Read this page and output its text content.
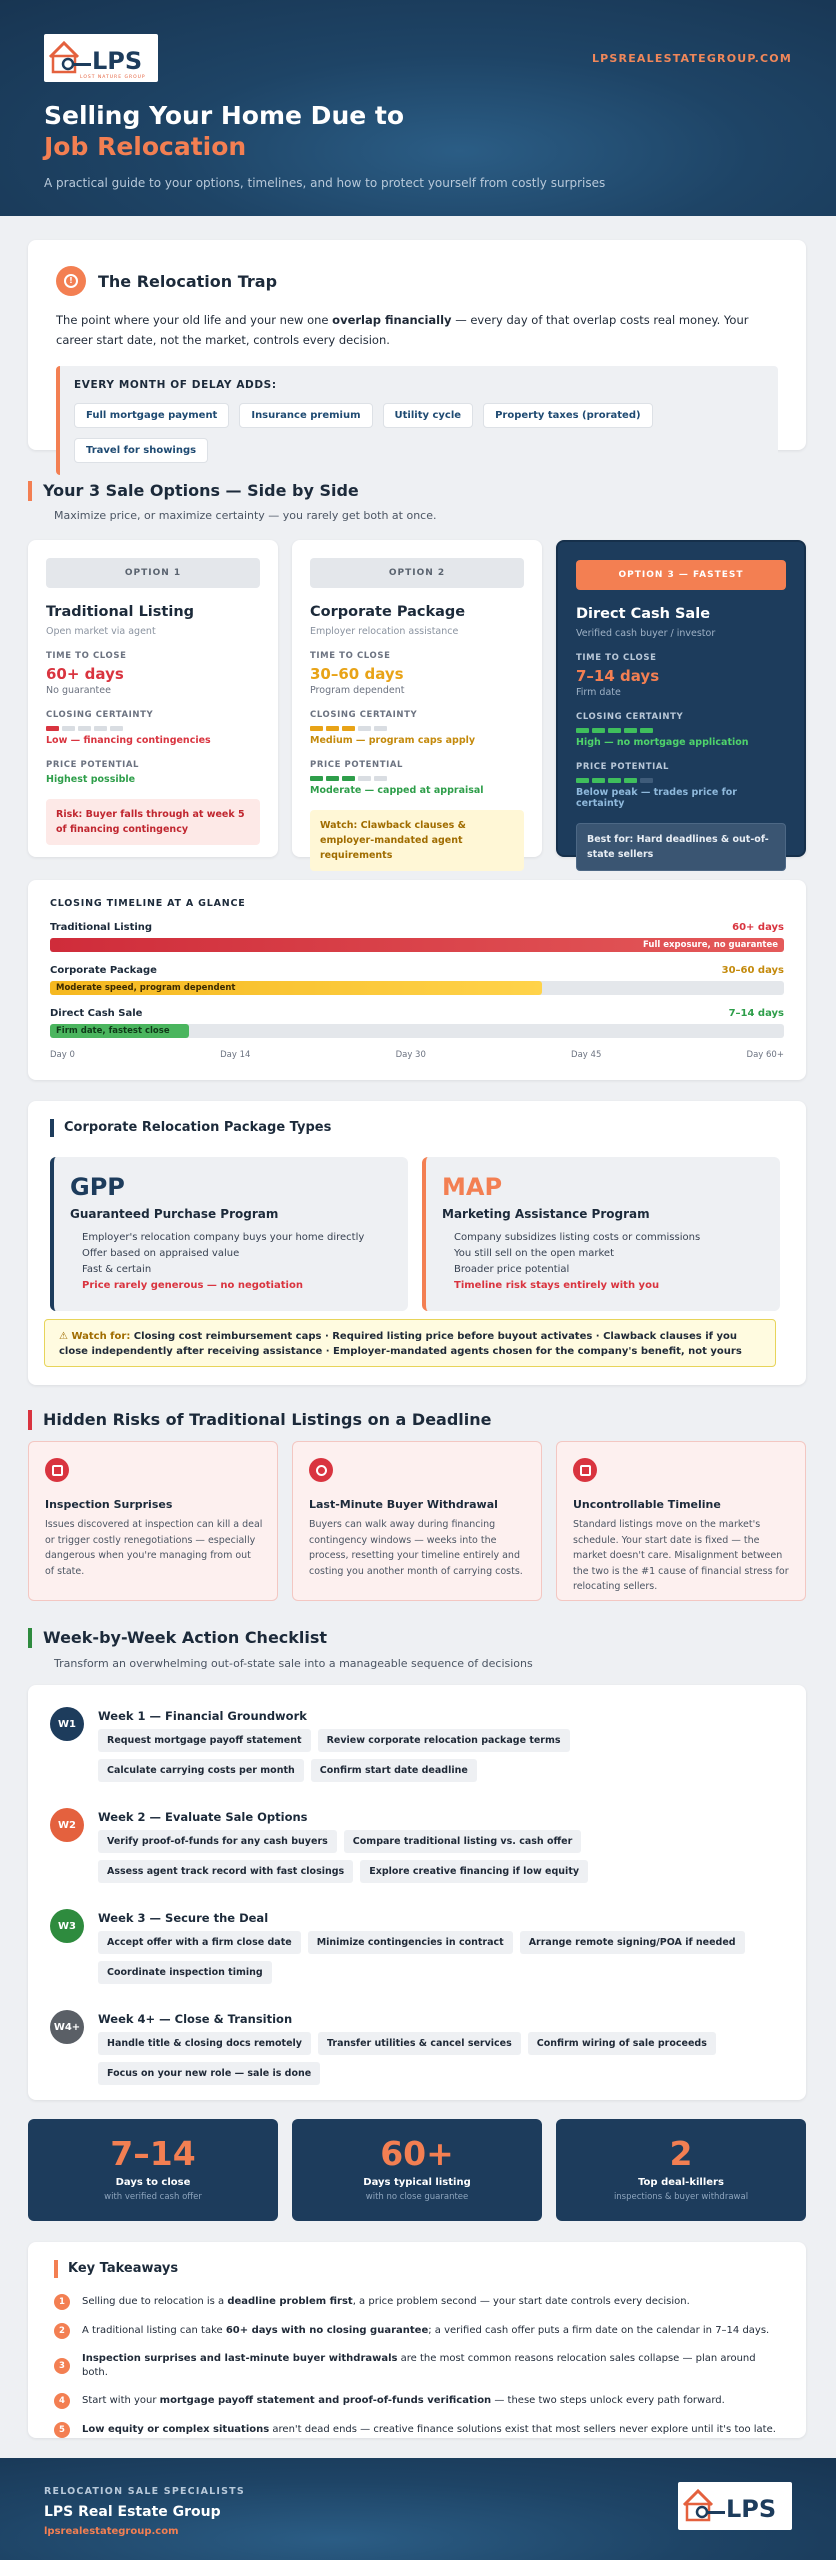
LPS
LOST NATURE GROUP
LPSREALESTATEGROUP.COM
Selling Your Home Due to
Job Relocation
A practical guide to your options, timelines, and how to protect yourself from costly surprises
!	The Relocation Trap

The point where your old life and your new one overlap financially — every day of that overlap costs real money. Your career start date, not the market, controls every decision.

EVERY MONTH OF DELAY ADDS:
Full mortgage payment	Insurance premium	Utility cycle	Property taxes (prorated)
Travel for showings
Your 3 Sale Options — Side by Side
Maximize price, or maximize certainty — you rarely get both at once.
OPTION 1
Traditional Listing
Open market via agent
TIME TO CLOSE
60+ days
No guarantee
CLOSING CERTAINTY
Low — financing contingencies
PRICE POTENTIAL
Highest possible
Risk: Buyer falls through at week 5 of financing contingency
OPTION 2
Corporate Package
Employer relocation assistance
TIME TO CLOSE
30–60 days
Program dependent
CLOSING CERTAINTY
Medium — program caps apply
PRICE POTENTIAL
Moderate — capped at appraisal
Watch: Clawback clauses & employer-mandated agent requirements
OPTION 3 — FASTEST
Direct Cash Sale
Verified cash buyer / investor
TIME TO CLOSE
7–14 days
Firm date
CLOSING CERTAINTY
High — no mortgage application
PRICE POTENTIAL
Below peak — trades price for certainty
Best for: Hard deadlines & out-of-state sellers
CLOSING TIMELINE AT A GLANCE
Traditional Listing	60+ days
Full exposure, no guarantee
Corporate Package	30–60 days
Moderate speed, program dependent
Direct Cash Sale	7–14 days
Firm date, fastest close
Day 0	Day 14	Day 30	Day 45	Day 60+
Corporate Relocation Package Types
GPP
Guaranteed Purchase Program
Employer's relocation company buys your home directly
Offer based on appraised value
Fast & certain
Price rarely generous — no negotiation
MAP
Marketing Assistance Program
Company subsidizes listing costs or commissions
You still sell on the open market
Broader price potential
Timeline risk stays entirely with you
⚠ Watch for: Closing cost reimbursement caps · Required listing price before buyout activates · Clawback clauses if you close independently after receiving assistance · Employer-mandated agents chosen for the company's benefit, not yours
Hidden Risks of Traditional Listings on a Deadline
Inspection Surprises

Issues discovered at inspection can kill a deal or trigger costly renegotiations — especially dangerous when you're managing from out of state.

Last-Minute Buyer Withdrawal

Buyers can walk away during financing contingency windows — weeks into the process, resetting your timeline entirely and costing you another month of carrying costs.

Uncontrollable Timeline

Standard listings move on the market's schedule. Your start date is fixed — the market doesn't care. Misalignment between the two is the #1 cause of financial stress for relocating sellers.

Week-by-Week Action Checklist
Transform an overwhelming out-of-state sale into a manageable sequence of decisions
W1
Week 1 — Financial Groundwork
Request mortgage payoff statement	Review corporate relocation package terms
Calculate carrying costs per month	Confirm start date deadline
W2
Week 2 — Evaluate Sale Options
Verify proof-of-funds for any cash buyers	Compare traditional listing vs. cash offer
Assess agent track record with fast closings	Explore creative financing if low equity
W3
Week 3 — Secure the Deal
Accept offer with a firm close date	Minimize contingencies in contract	Arrange remote signing/POA if needed
Coordinate inspection timing
W4+
Week 4+ — Close & Transition
Handle title & closing docs remotely	Transfer utilities & cancel services	Confirm wiring of sale proceeds
Focus on your new role — sale is done
7–14
Days to close
with verified cash offer
60+
Days typical listing
with no close guarantee
2
Top deal-killers
inspections & buyer withdrawal
Key Takeaways
1	Selling due to relocation is a deadline problem first, a price problem second — your start date controls every decision.
2	A traditional listing can take 60+ days with no closing guarantee; a verified cash offer puts a firm date on the calendar in 7–14 days.
3
Inspection surprises and last-minute buyer withdrawals are the most common reasons relocation sales collapse — plan around both.
4	Start with your mortgage payoff statement and proof-of-funds verification — these two steps unlock every path forward.
5	Low equity or complex situations aren't dead ends — creative finance solutions exist that most sellers never explore until it's too late.
RELOCATION SALE SPECIALISTS
LPS Real Estate Group
lpsrealestategroup.com
LPS
